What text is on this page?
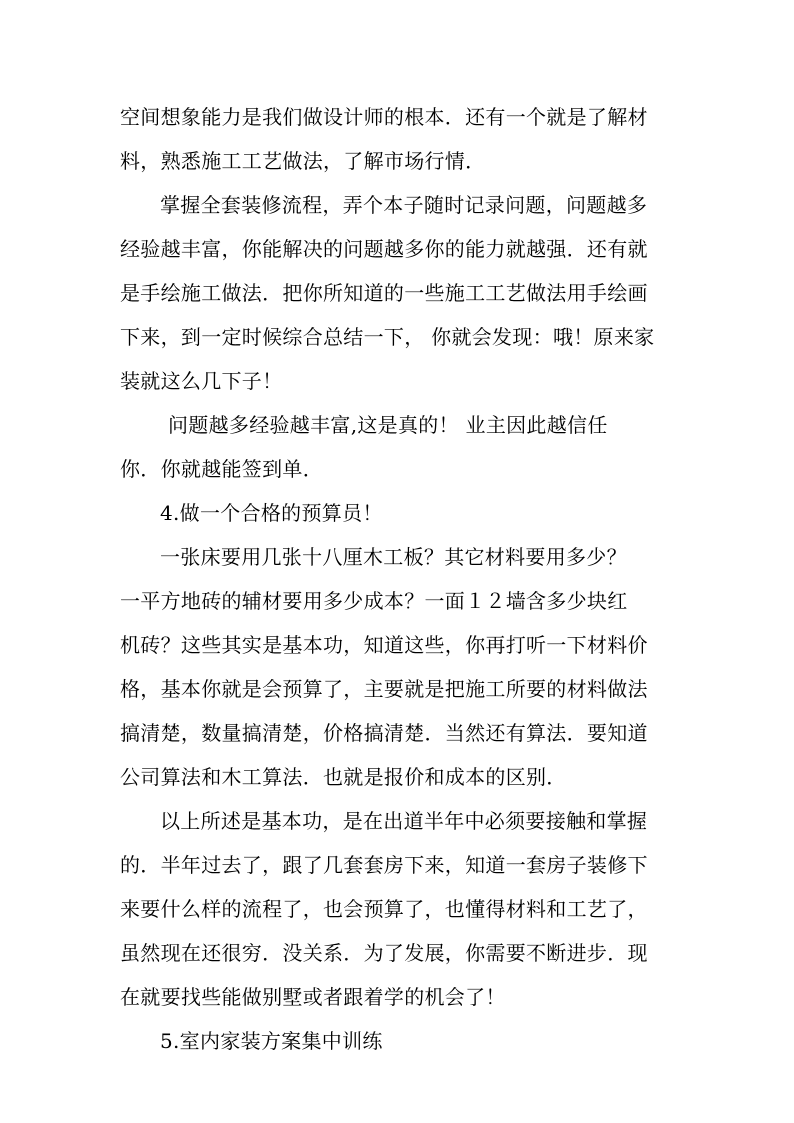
空间想象能力是我们做设计师的根本．还有一个就是了解材
料，熟悉施工工艺做法，了解市场行情．
掌握全套装修流程，弄个本子随时记录问题，问题越多
经验越丰富，你能解决的问题越多你的能力就越强．还有就
是手绘施工做法．把你所知道的一些施工工艺做法用手绘画
下来，到一定时候综合总结一下， 你就会发现：哦！原来家
装就这么几下子！
问题越多经验越丰富,这是真的！ 业主因此越信任
你．你就越能签到单．
4.做一个合格的预算员！
一张床要用几张十八厘木工板？其它材料要用多少？
一平方地砖的辅材要用多少成本？一面１２墙含多少块红
机砖？这些其实是基本功，知道这些，你再打听一下材料价
格，基本你就是会预算了，主要就是把施工所要的材料做法
搞清楚，数量搞清楚，价格搞清楚．当然还有算法．要知道
公司算法和木工算法．也就是报价和成本的区别．
以上所述是基本功，是在出道半年中必须要接触和掌握
的．半年过去了，跟了几套套房下来，知道一套房子装修下
来要什么样的流程了，也会预算了，也懂得材料和工艺了，
虽然现在还很穷．没关系．为了发展，你需要不断进步．现
在就要找些能做别墅或者跟着学的机会了！
5.室内家装方案集中训练
